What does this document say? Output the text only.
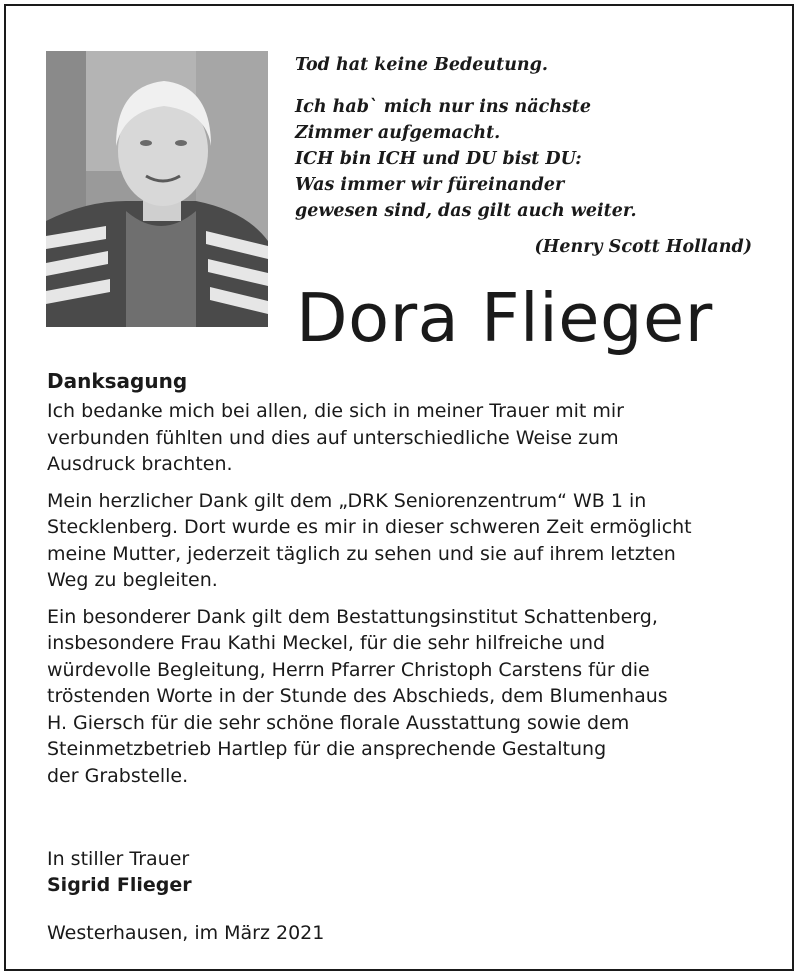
Tod hat keine Bedeutung.
Ich hab` mich nur ins nächste
Zimmer aufgemacht.
ICH bin ICH und DU bist DU:
Was immer wir füreinander
gewesen sind, das gilt auch weiter.
(Henry Scott Holland)
Dora Flieger
Danksagung

Ich bedanke mich bei allen, die sich in meiner Trauer mit mir
verbunden fühlten und dies auf unterschiedliche Weise zum
Ausdruck brachten.

Mein herzlicher Dank gilt dem „DRK Seniorenzentrum“ WB 1 in
Stecklenberg. Dort wurde es mir in dieser schweren Zeit ermöglicht
meine Mutter, jederzeit täglich zu sehen und sie auf ihrem letzten
Weg zu begleiten.

Ein besonderer Dank gilt dem Bestattungsinstitut Schattenberg,
insbesondere Frau Kathi Meckel, für die sehr hilfreiche und
würdevolle Begleitung, Herrn Pfarrer Christoph Carstens für die
tröstenden Worte in der Stunde des Abschieds, dem Blumenhaus
H. Giersch für die sehr schöne florale Ausstattung sowie dem
Steinmetzbetrieb Hartlep für die ansprechende Gestaltung
der Grabstelle.

In stiller Trauer
Sigrid Flieger
Westerhausen, im März 2021
